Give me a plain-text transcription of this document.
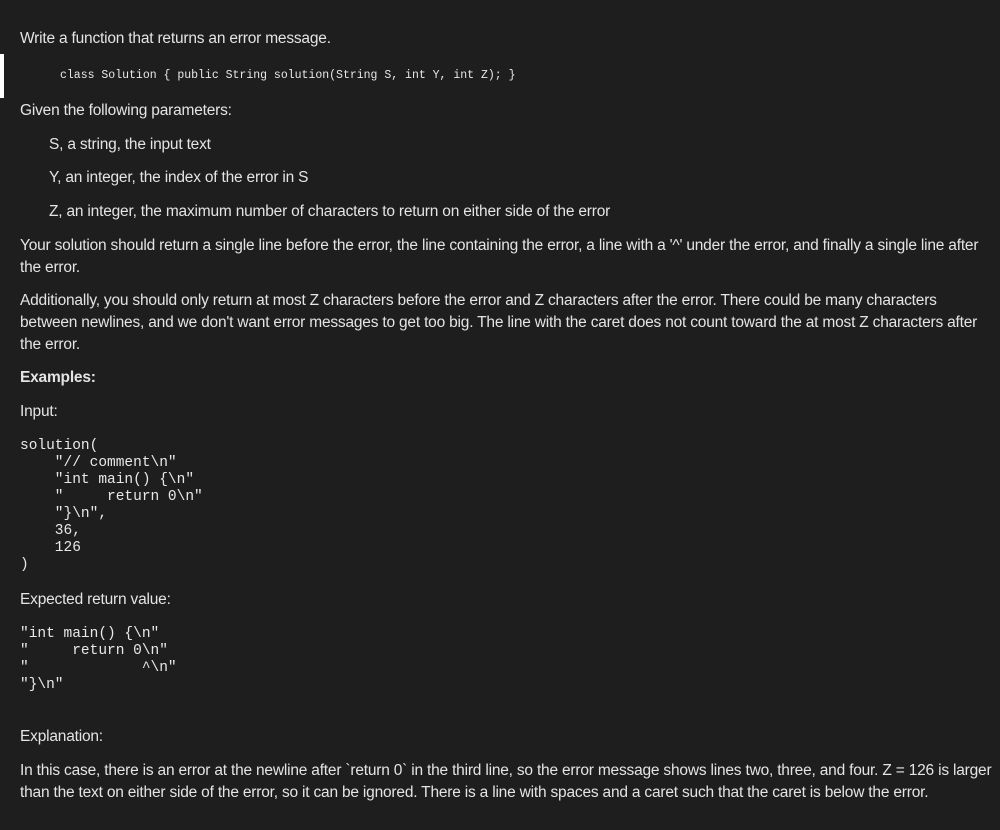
Write a function that returns an error message.

class Solution { public String solution(String S, int Y, int Z); }

Given the following parameters:

S, a string, the input text

Y, an integer, the index of the error in S

Z, an integer, the maximum number of characters to return on either side of the error

Your solution should return a single line before the error, the line containing the error, a line with a '^' under the error, and finally a single line after the error.

Additionally, you should only return at most Z characters before the error and Z characters after the error. There could be many characters between newlines, and we don't want error messages to get too big. The line with the caret does not count toward the at most Z characters after the error.

Examples:

Input:

solution(
"// comment\n"
"int main() {\n"
"     return 0\n"
"}\n",
36,
126
)

Expected return value:

"int main() {\n"
"     return 0\n"
"             ^\n"
"}\n"

Explanation:

In this case, there is an error at the newline after `return 0` in the third line, so the error message shows lines two, three, and four. Z = 126 is larger than the text on either side of the error, so it can be ignored. There is a line with spaces and a caret such that the caret is below the error.
